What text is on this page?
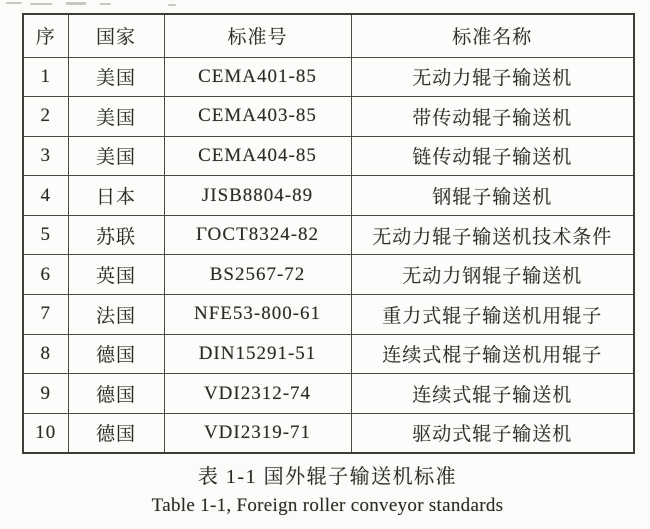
序	国家	标准号	标准名称
1	美国	CEMA401-85	无动力辊子输送机
2	美国	CEMA403-85	带传动辊子输送机
3	美国	CEMA404-85	链传动辊子输送机
4	日本	JISB8804-89	钢辊子输送机
5	苏联	ГОСТ8324-82	无动力辊子输送机技术条件
6	英国	BS2567-72	无动力钢辊子输送机
7	法国	NFE53-800-61	重力式辊子输送机用辊子
8	德国	DIN15291-51	连续式棍子输送机用辊子
9	德国	VDI2312-74	连续式辊子输送机
10	德国	VDI2319-71	驱动式辊子输送机
表 1-1 国外辊子输送机标准
Table 1-1, Foreign roller conveyor standards
